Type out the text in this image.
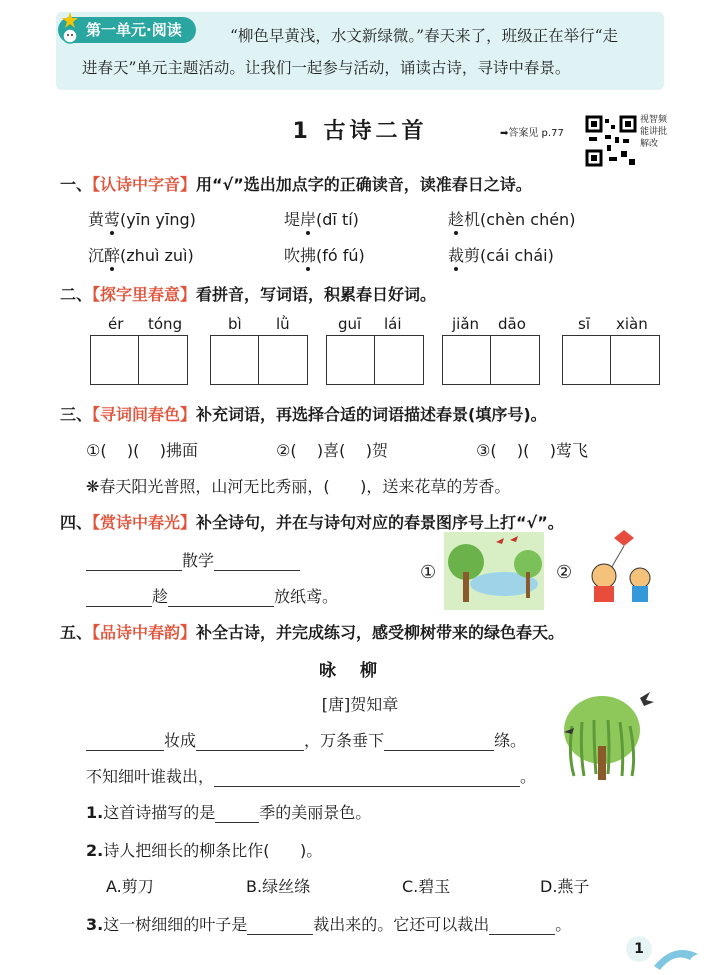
第一单元·阅读	“柳色早黄浅，水文新绿微。”春天来了，班级正在举行“走
进春天”单元主题活动。让我们一起参与活动，诵读古诗，寻诗中春景。
1 古诗二首	➡答案见 p.77
视智频能讲批解改
一、【认诗中字音】用“√”选出加点字的正确读音，读准春日之诗。
黄莺(yīn yīng)	堤岸(dī tí)	趁机(chèn chén)
沉醉(zhuì zuì)	吹拂(fó fú)	裁剪(cái chái)
二、【探字里春意】看拼音，写词语，积累春日好词。
ér tóng	bì lǜ	guī lái	jiǎn dāo	sī xiàn
三、【寻词间春色】补充词语，再选择合适的词语描述春景(填序号)。
①(    )(    )拂面	②(    )喜(    )贺	③(    )(    )莺飞
❋春天阳光普照，山河无比秀丽，(      )，送来花草的芳香。
四、【赏诗中春光】补全诗句，并在与诗句对应的春景图序号上打“√”。
散学
趁	放纸鸢。
①	②
五、【品诗中春韵】补全古诗，并完成练习，感受柳树带来的绿色春天。
咏柳
[唐]贺知章
妆成	，万条垂下	绦。
不知细叶谁裁出，	。
1.这首诗描写的是	季的美丽景色。
2.诗人把细长的柳条比作(      )。
A.剪刀	B.绿丝绦	C.碧玉	D.燕子
3.这一树细细的叶子是	裁出来的。它还可以裁出	。
1
